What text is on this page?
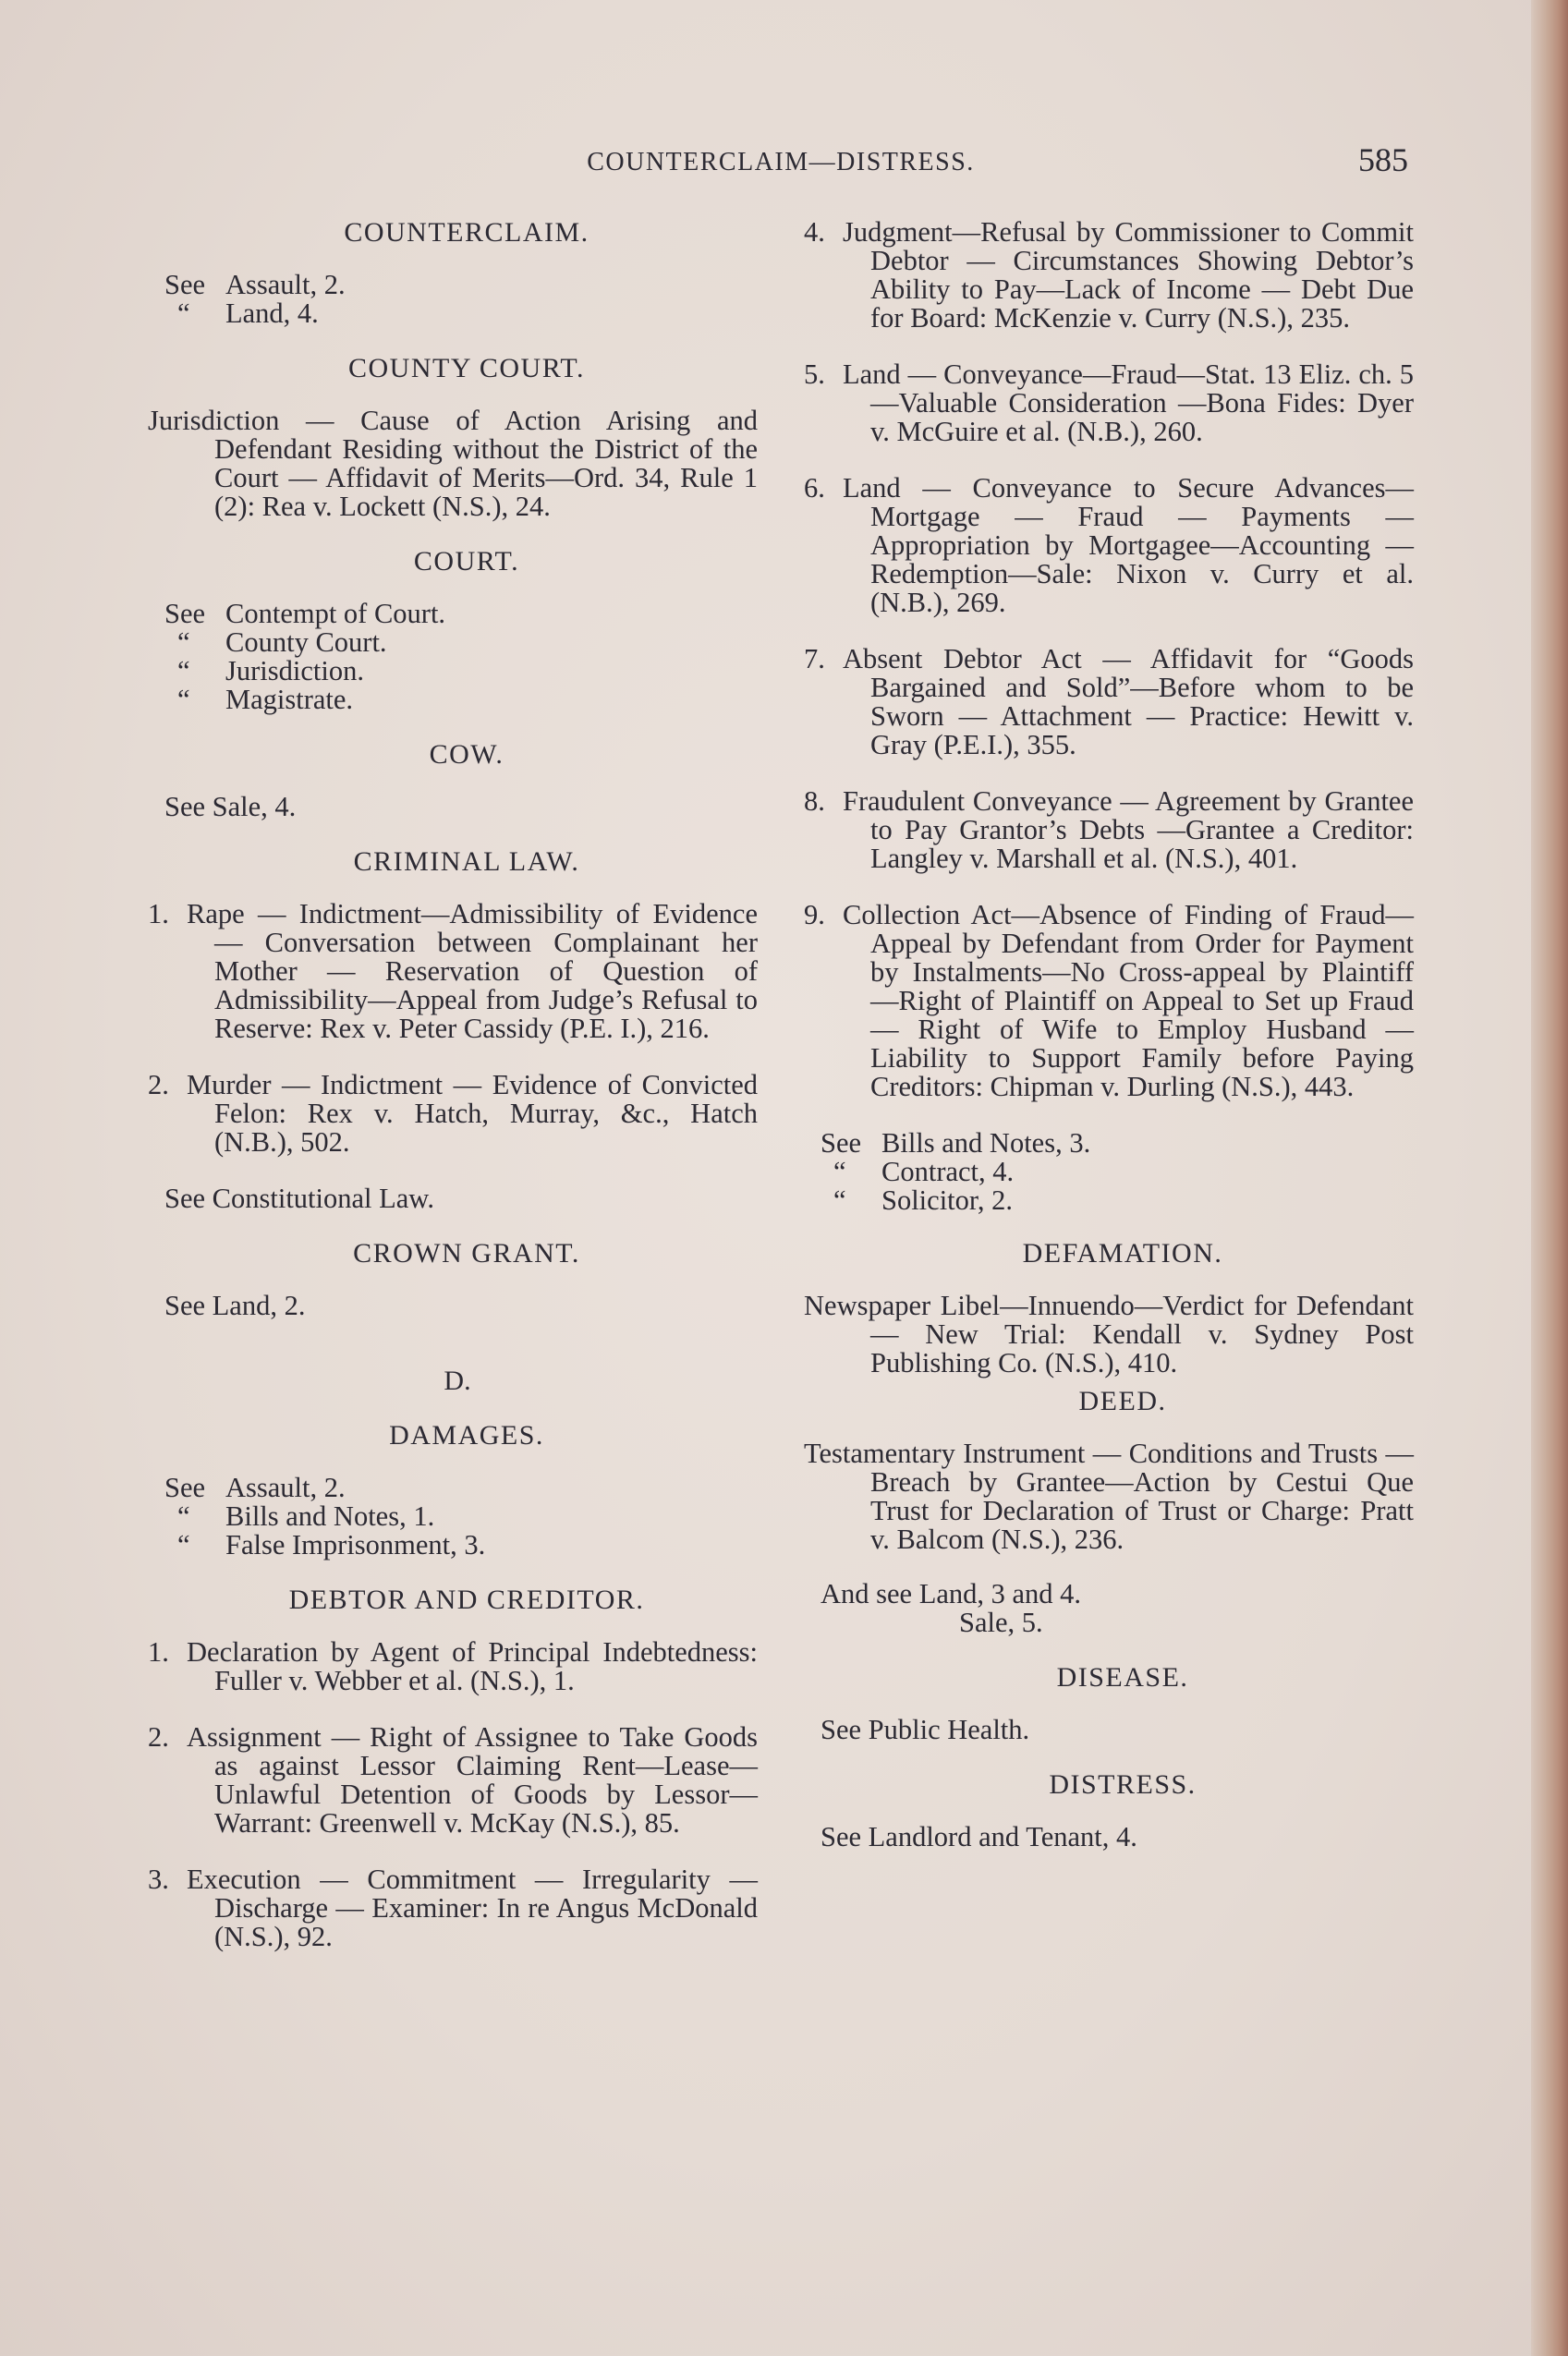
COUNTERCLAIM—DISTRESS.	585
COUNTERCLAIM.
See Assault, 2.
“	Land, 4.
COUNTY COURT.
Jurisdiction — Cause of Action Arising and Defendant Residing without the District of the Court — Affidavit of Merits—Ord. 34, Rule 1 (2): Rea v. Lockett (N.S.), 24.
COURT.
See Contempt of Court.
“	County Court.
“	Jurisdiction.
“	Magistrate.
COW.
See Sale, 4.
CRIMINAL LAW.
1. Rape — Indictment—Admissibility of Evidence — Conversation between Complainant her Mother — Reservation of Question of Admissibility—Appeal from Judge’s Refusal to Reserve: Rex v. Peter Cassidy (P.E. I.), 216.
2. Murder — Indictment — Evidence of Convicted Felon: Rex v. Hatch, Murray, &c., Hatch (N.B.), 502.
See Constitutional Law.
CROWN GRANT.
See Land, 2.
D.
DAMAGES.
See Assault, 2.
“	Bills and Notes, 1.
“	False Imprisonment, 3.
DEBTOR AND CREDITOR.
1. Declaration by Agent of Principal Indebtedness: Fuller v. Webber et al. (N.S.), 1.
2. Assignment — Right of Assignee to Take Goods as against Lessor Claiming Rent—Lease—Unlawful Detention of Goods by Lessor—Warrant: Greenwell v. McKay (N.S.), 85.
3. Execution — Commitment — Irregularity — Discharge — Examiner: In re Angus McDonald (N.S.), 92.
4. Judgment—Refusal by Commissioner to Commit Debtor — Circumstances Showing Debtor’s Ability to Pay—Lack of Income — Debt Due for Board: McKenzie v. Curry (N.S.), 235.
5. Land — Conveyance—Fraud—Stat. 13 Eliz. ch. 5—Valuable Consideration —Bona Fides: Dyer v. McGuire et al. (N.B.), 260.
6. Land — Conveyance to Secure Advances—Mortgage — Fraud — Payments — Appropriation by Mortgagee—Accounting — Redemption—Sale: Nixon v. Curry et al. (N.B.), 269.
7. Absent Debtor Act — Affidavit for “Goods Bargained and Sold”—Before whom to be Sworn — Attachment — Practice: Hewitt v. Gray (P.E.I.), 355.
8. Fraudulent Conveyance — Agreement by Grantee to Pay Grantor’s Debts —Grantee a Creditor: Langley v. Marshall et al. (N.S.), 401.
9. Collection Act—Absence of Finding of Fraud—Appeal by Defendant from Order for Payment by Instalments—No Cross-appeal by Plaintiff—Right of Plaintiff on Appeal to Set up Fraud — Right of Wife to Employ Husband — Liability to Support Family before Paying Creditors: Chipman v. Durling (N.S.), 443.
See Bills and Notes, 3.
“	Contract, 4.
“	Solicitor, 2.
DEFAMATION.
Newspaper Libel—Innuendo—Verdict for Defendant — New Trial: Kendall v. Sydney Post Publishing Co. (N.S.), 410.
DEED.
Testamentary Instrument — Conditions and Trusts — Breach by Grantee—Action by Cestui Que Trust for Declaration of Trust or Charge: Pratt v. Balcom (N.S.), 236.
And see Land, 3 and 4.
Sale, 5.
DISEASE.
See Public Health.
DISTRESS.
See Landlord and Tenant, 4.
